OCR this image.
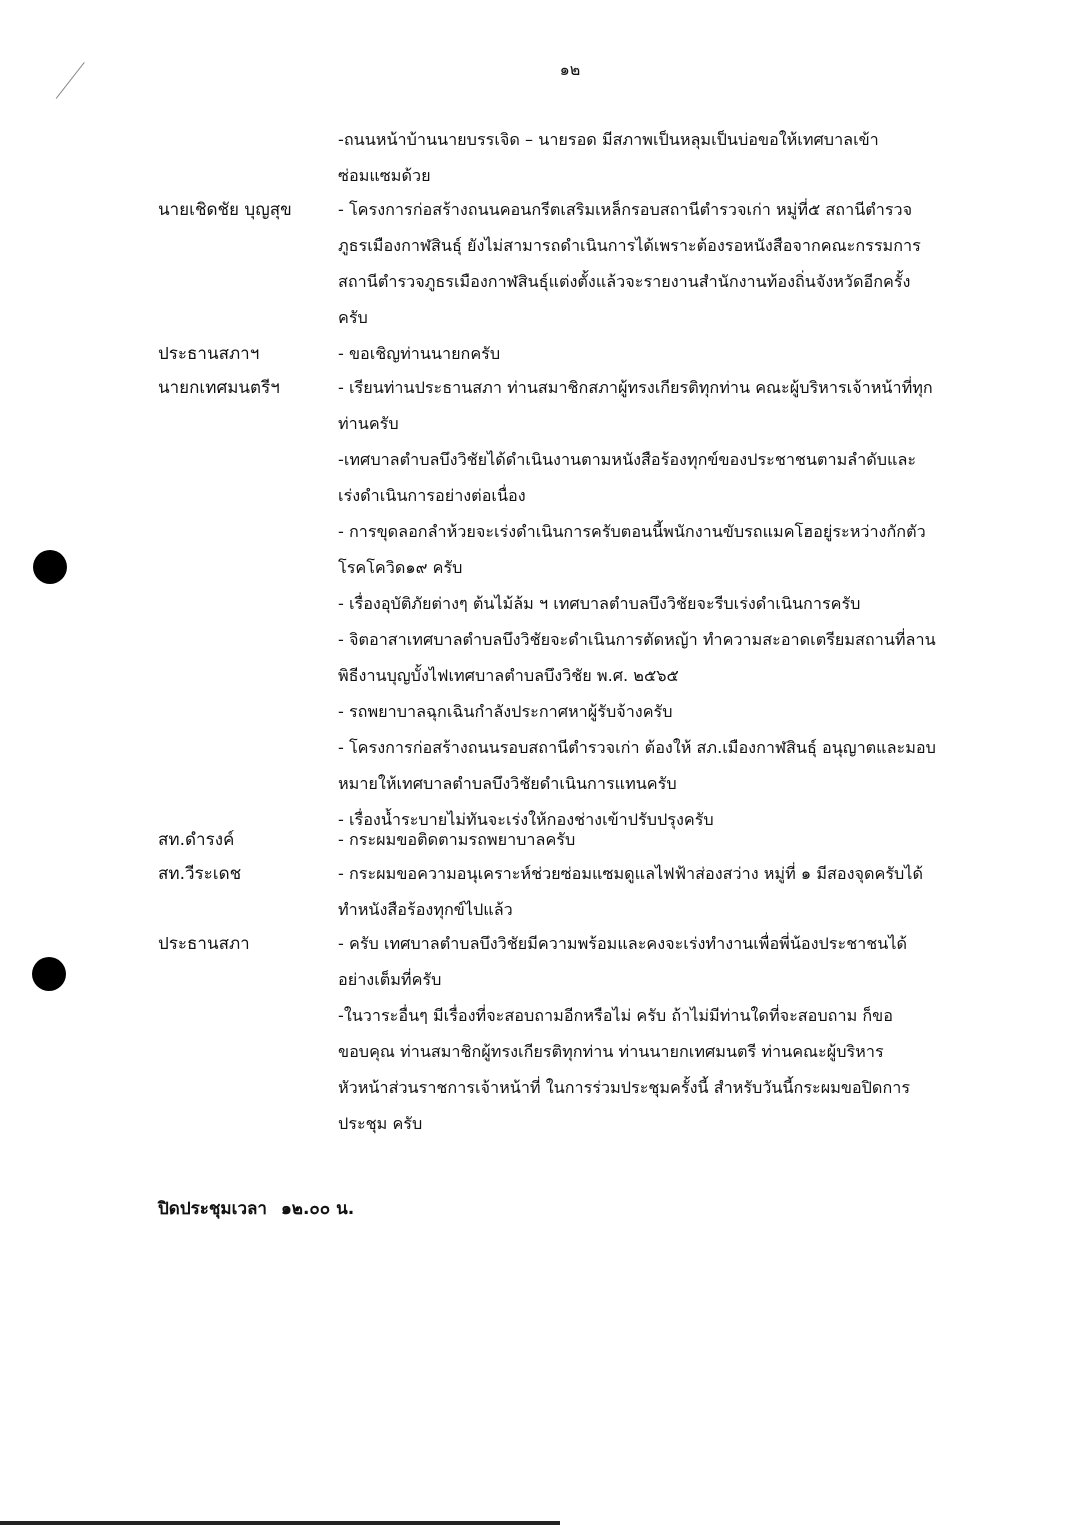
๑๒

-ถนนหน้าบ้านนายบรรเจิด – นายรอด มีสภาพเป็นหลุมเป็นบ่อขอให้เทศบาลเข้าซ่อมแซมด้วย

นายเชิดชัย บุญสุข	- โครงการก่อสร้างถนนคอนกรีตเสริมเหล็กรอบสถานีตำรวจเก่า หมู่ที่๕ สถานีตำรวจภูธรเมืองกาฬสินธุ์ ยังไม่สามารถดำเนินการได้เพราะต้องรอหนังสือจากคณะกรรมการสถานีตำรวจภูธรเมืองกาฬสินธุ์แต่งตั้งแล้วจะรายงานสำนักงานท้องถิ่นจังหวัดอีกครั้งครับ

ประธานสภาฯ	- ขอเชิญท่านนายกครับ

นายกเทศมนตรีฯ	- เรียนท่านประธานสภา ท่านสมาชิกสภาผู้ทรงเกียรติทุกท่าน คณะผู้บริหารเจ้าหน้าที่ทุกท่านครับ

-เทศบาลตำบลบึงวิชัยได้ดำเนินงานตามหนังสือร้องทุกข์ของประชาชนตามลำดับและเร่งดำเนินการอย่างต่อเนื่อง

- การขุดลอกลำห้วยจะเร่งดำเนินการครับตอนนี้พนักงานขับรถแมคโฮอยู่ระหว่างกักตัวโรคโควิด๑๙ ครับ

- เรื่องอุบัติภัยต่างๆ ต้นไม้ล้ม ฯ เทศบาลตำบลบึงวิชัยจะรีบเร่งดำเนินการครับ

- จิตอาสาเทศบาลตำบลบึงวิชัยจะดำเนินการตัดหญ้า ทำความสะอาดเตรียมสถานที่ลานพิธีงานบุญบั้งไฟเทศบาลตำบลบึงวิชัย พ.ศ. ๒๕๖๕

- รถพยาบาลฉุกเฉินกำลังประกาศหาผู้รับจ้างครับ

- โครงการก่อสร้างถนนรอบสถานีตำรวจเก่า ต้องให้ สภ.เมืองกาฬสินธุ์ อนุญาตและมอบหมายให้เทศบาลตำบลบึงวิชัยดำเนินการแทนครับ

- เรื่องน้ำระบายไม่ทันจะเร่งให้กองช่างเข้าปรับปรุงครับ

สท.ดำรงค์	- กระผมขอติดตามรถพยาบาลครับ

สท.วีระเดช	- กระผมขอความอนุเคราะห์ช่วยซ่อมแซมดูแลไฟฟ้าส่องสว่าง หมู่ที่ ๑ มีสองจุดครับได้ทำหนังสือร้องทุกข์ไปแล้ว

ประธานสภา	- ครับ เทศบาลตำบลบึงวิชัยมีความพร้อมและคงจะเร่งทำงานเพื่อพี่น้องประชาชนได้อย่างเต็มที่ครับ

-ในวาระอื่นๆ มีเรื่องที่จะสอบถามอีกหรือไม่ ครับ ถ้าไม่มีท่านใดที่จะสอบถาม ก็ขอขอบคุณ ท่านสมาชิกผู้ทรงเกียรติทุกท่าน ท่านนายกเทศมนตรี ท่านคณะผู้บริหาร หัวหน้าส่วนราชการเจ้าหน้าที่ ในการร่วมประชุมครั้งนี้ สำหรับวันนี้กระผมขอปิดการประชุม ครับ

ปิดประชุมเวลา ๑๒.๐๐ น.
